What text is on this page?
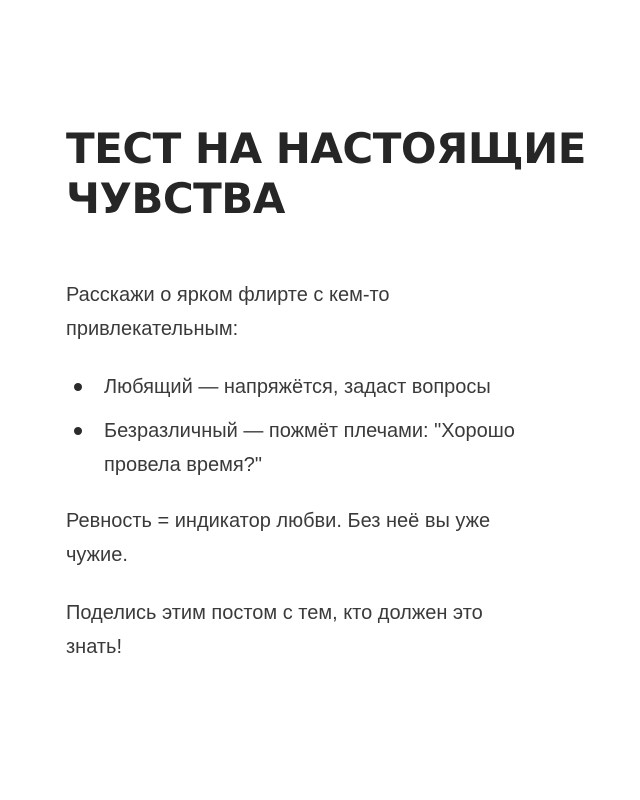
ТЕСТ НА НАСТОЯЩИЕ
ЧУВСТВА

Расскажи о ярком флирте с кем-то
привлекательным:

Любящий — напряжётся, задаст вопросы
Безразличный — пожмёт плечами: "Хорошо
провела время?"

Ревность = индикатор любви. Без неё вы уже
чужие.

Поделись этим постом с тем, кто должен это
знать!
